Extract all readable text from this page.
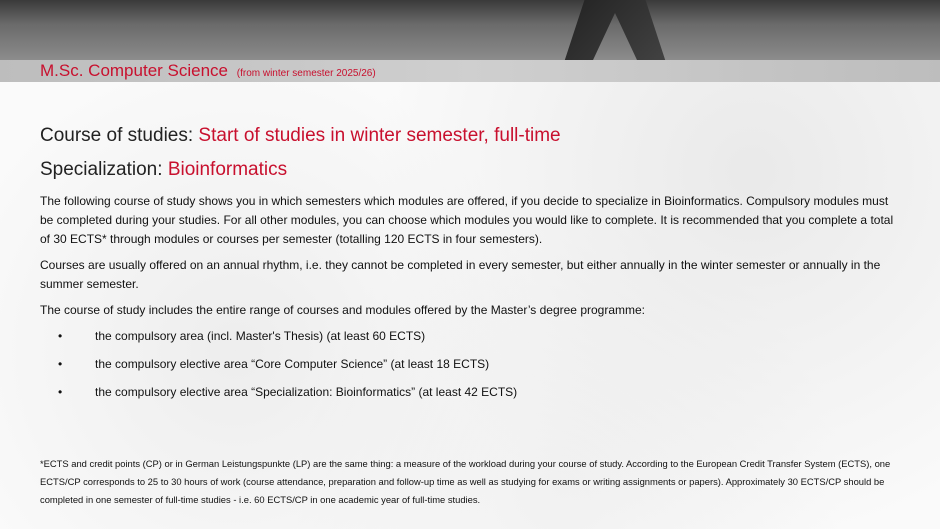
M.Sc. Computer Science (from winter semester 2025/26)
Course of studies: Start of studies in winter semester, full-time
Specialization: Bioinformatics

The following course of study shows you in which semesters which modules are offered, if you decide to specialize in Bioinformatics. Compulsory modules must be completed during your studies. For all other modules, you can choose which modules you would like to complete. It is recommended that you complete a total of 30 ECTS* through modules or courses per semester (totalling 120 ECTS in four semesters).

Courses are usually offered on an annual rhythm, i.e. they cannot be completed in every semester, but either annually in the winter semester or annually in the summer semester.

The course of study includes the entire range of courses and modules offered by the Master’s degree programme:

•	the compulsory area (incl. Master's Thesis) (at least 60 ECTS)
•	the compulsory elective area “Core Computer Science” (at least 18 ECTS)
•	the compulsory elective area “Specialization: Bioinformatics” (at least 42 ECTS)
*ECTS and credit points (CP) or in German Leistungspunkte (LP) are the same thing: a measure of the workload during your course of study. According to the European Credit Transfer System (ECTS), one ECTS/CP corresponds to 25 to 30 hours of work (course attendance, preparation and follow-up time as well as studying for exams or writing assignments or papers). Approximately 30 ECTS/CP should be completed in one semester of full-time studies - i.e. 60 ECTS/CP in one academic year of full-time studies.
